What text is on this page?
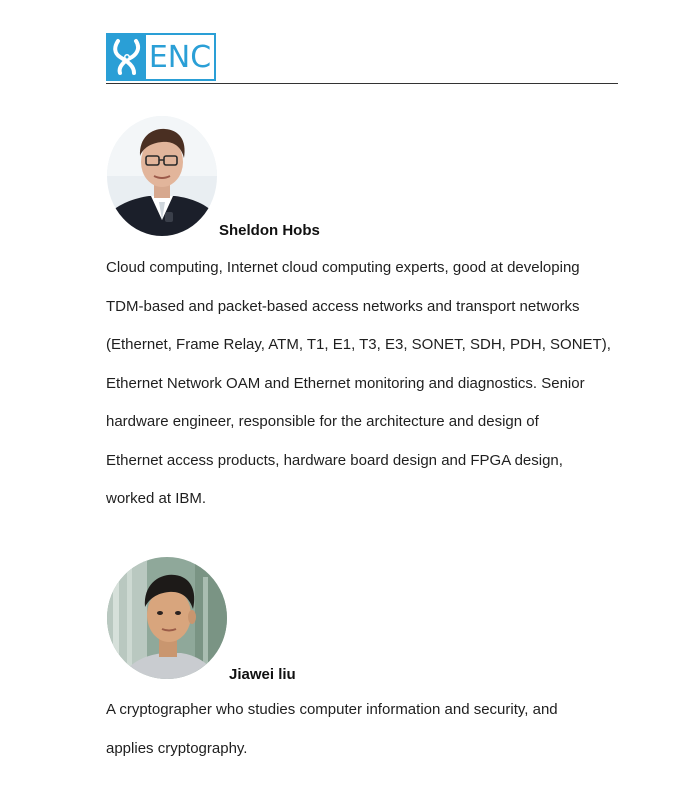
ENC
Sheldon Hobs

Cloud computing, Internet cloud computing experts, good at developing
TDM-based and packet-based access networks and transport networks
(Ethernet, Frame Relay, ATM, T1, E1, T3, E3, SONET, SDH, PDH, SONET),
Ethernet Network OAM and Ethernet monitoring and diagnostics. Senior
hardware engineer, responsible for the architecture and design of
Ethernet access products, hardware board design and FPGA design,
worked at IBM.

Jiawei liu

A cryptographer who studies computer information and security, and
applies cryptography.
